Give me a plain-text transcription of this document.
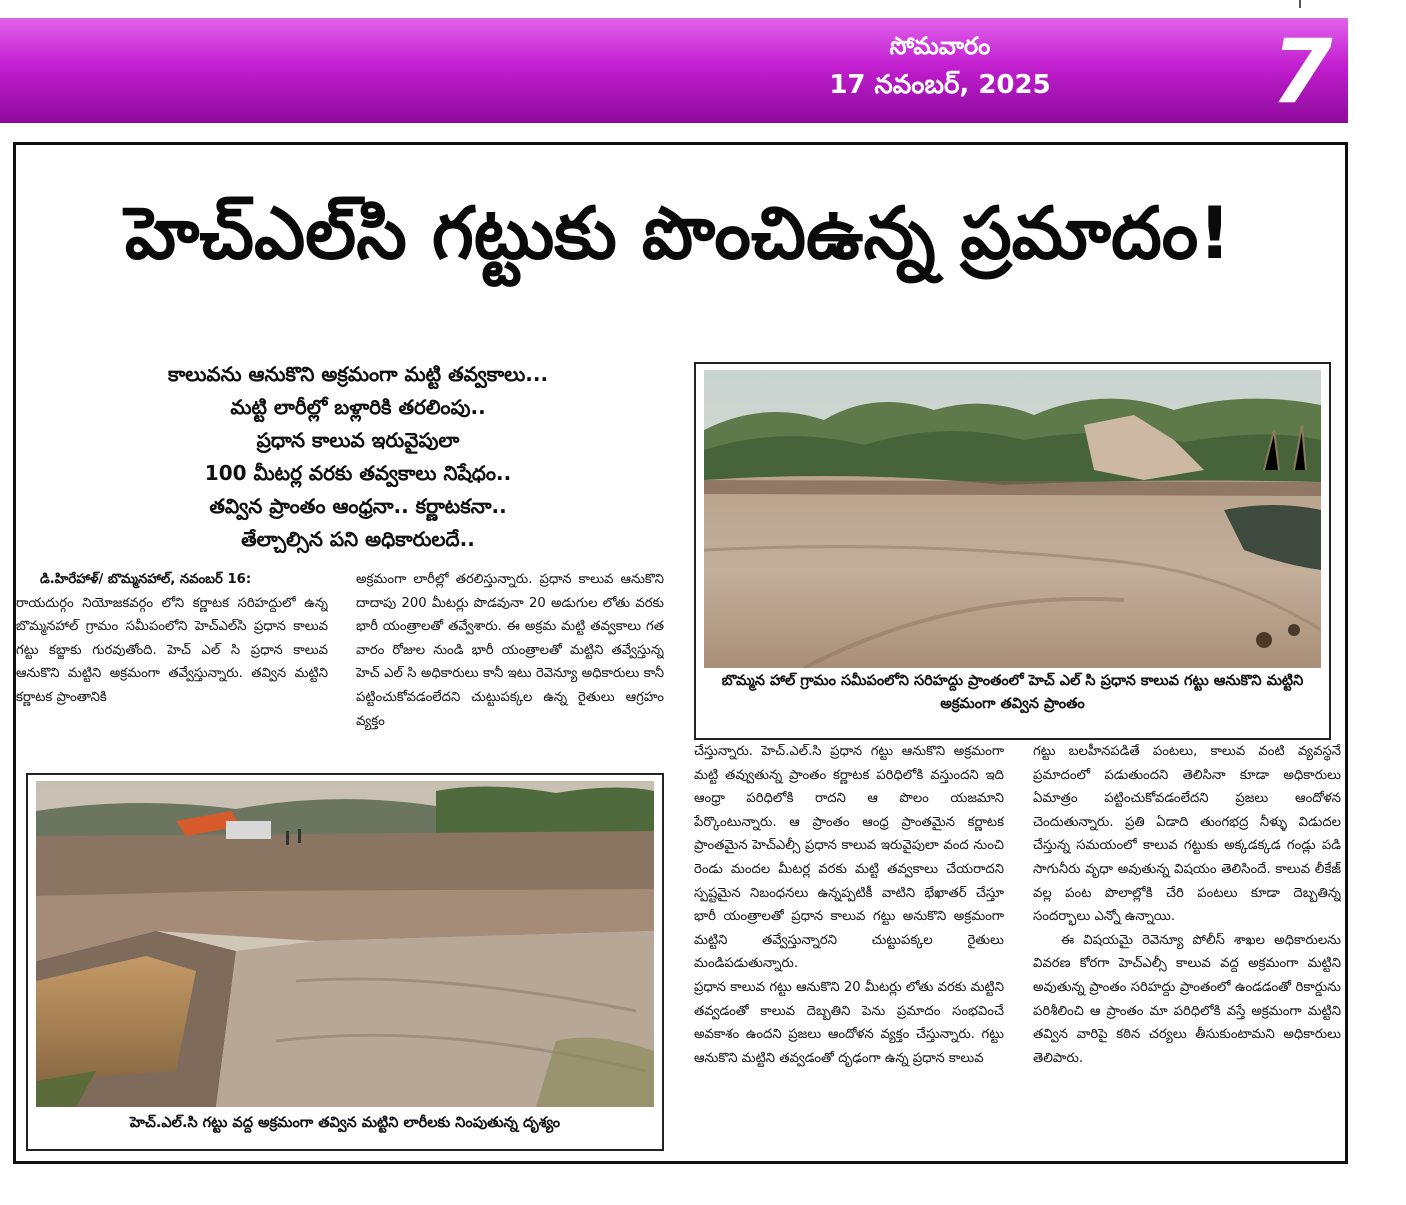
సోమవారం
17 నవంబర్, 2025	7
హెచ్‌ఎల్‌సి గట్టుకు పొంచిఉన్న ప్రమాదం!
కాలువను ఆనుకొని అక్రమంగా మట్టి తవ్వకాలు...
మట్టి లారీల్లో బళ్లారికి తరలింపు..
ప్రధాన కాలువ ఇరువైపులా
100 మీటర్ల వరకు తవ్వకాలు నిషేధం..
తవ్విన ప్రాంతం ఆంధ్రనా.. కర్ణాటకనా..
తేల్చాల్సిన పని అధికారులదే..

డి.హిరేహాళ్/ బొమ్మనహాల్, నవంబర్ 16:

రాయదుర్గం నియోజకవర్గం లోని కర్ణాటక సరిహద్దులో ఉన్న బొమ్మనహాల్ గ్రామం సమీపంలోని హెచ్‌ఎల్‌సి ప్రధాన కాలువ గట్టు కబ్జాకు గురవుతోంది. హెచ్ ఎల్ సి ప్రధాన కాలువ ఆనుకొని మట్టిని అక్రమంగా తవ్వేస్తున్నారు. తవ్విన మట్టిని కర్ణాటక ప్రాంతానికి

అక్రమంగా లారీల్లో తరలిస్తున్నారు. ప్రధాన కాలువ ఆనుకొని దాదాపు 200 మీటర్లు పొడవునా 20 అడుగుల లోతు వరకు భారీ యంత్రాలతో తవ్వేశారు. ఈ అక్రమ మట్టి తవ్వకాలు గత వారం రోజుల నుండి భారీ యంత్రాలతో మట్టిని తవ్వేస్తున్న హెచ్ ఎల్ సి అధికారులు కానీ ఇటు రెవెన్యూ అధికారులు కానీ పట్టించుకోవడంలేదని చుట్టుపక్కల ఉన్న రైతులు ఆగ్రహం వ్యక్తం

బొమ్మన హాల్ గ్రామం సమీపంలోని సరిహద్దు ప్రాంతంలో హెచ్ ఎల్ సి ప్రధాన కాలువ గట్టు ఆనుకొని మట్టిని అక్రమంగా తవ్విన ప్రాంతం
హెచ్.ఎల్.సి గట్టు వద్ద అక్రమంగా తవ్విన మట్టిని లారీలకు నింపుతున్న దృశ్యం

చేస్తున్నారు. హెచ్.ఎల్.సి ప్రధాన గట్టు ఆనుకొని అక్రమంగా మట్టి తవ్వుతున్న ప్రాంతం కర్ణాటక పరిధిలోకి వస్తుందని ఇది ఆంధ్రా పరిధిలోకి రాదని ఆ పొలం యజమాని పేర్కొంటున్నారు. ఆ ప్రాంతం ఆంధ్ర ప్రాంతమైన కర్ణాటక ప్రాంతమైన హెచ్‌ఎల్సీ ప్రధాన కాలువ ఇరువైపులా వంద నుంచి రెండు మందల మీటర్ల వరకు మట్టి తవ్వకాలు చేయరాదని స్పష్టమైన నిబంధనలు ఉన్నప్పటికీ వాటిని భేఖాతర్ చేస్తూ భారీ యంత్రాలతో ప్రధాన కాలువ గట్టు అనుకొని అక్రమంగా మట్టిని తవ్వేస్తున్నారని చుట్టుపక్కల రైతులు మండిపడుతున్నారు.

ప్రధాన కాలువ గట్టు ఆనుకొని 20 మీటర్లు లోతు వరకు మట్టిని తవ్వడంతో కాలువ దెబ్బతిని పెను ప్రమాదం సంభవించే అవకాశం ఉందని ప్రజలు ఆందోళన వ్యక్తం చేస్తున్నారు. గట్టు ఆనుకొని మట్టిని తవ్వడంతో దృఢంగా ఉన్న ప్రధాన కాలువ

గట్టు బలహీనపడితే పంటలు, కాలువ వంటి వ్యవస్థనే ప్రమాదంలో పడుతుందని తెలిసినా కూడా అధికారులు ఏమాత్రం పట్టించుకోవడంలేదని ప్రజలు ఆందోళన చెందుతున్నారు. ప్రతి ఏడాది తుంగభద్ర నీళ్ళు విడుదల చేస్తున్న సమయంలో కాలువ గట్టుకు అక్కడక్కడ గండ్లు పడి సాగునీరు వృధా అవుతున్న విషయం తెలిసిందే. కాలువ లీకేజ్ వల్ల పంట పొలాల్లోకి చేరి పంటలు కూడా దెబ్బతిన్న సందర్భాలు ఎన్నో ఉన్నాయి.

ఈ విషయమై రెవెన్యూ పోలీస్ శాఖల అధికారులను వివరణ కోరగా హెచ్‌ఎల్సీ కాలువ వద్ద అక్రమంగా మట్టిని అవుతున్న ప్రాంతం సరిహద్దు ప్రాంతంలో ఉండడంతో రికార్డును పరిశీలించి ఆ ప్రాంతం మా పరిధిలోకి వస్తే అక్రమంగా మట్టిని తవ్విన వారిపై కఠిన చర్యలు తీసుకుంటామని అధికారులు తెలిపారు.
